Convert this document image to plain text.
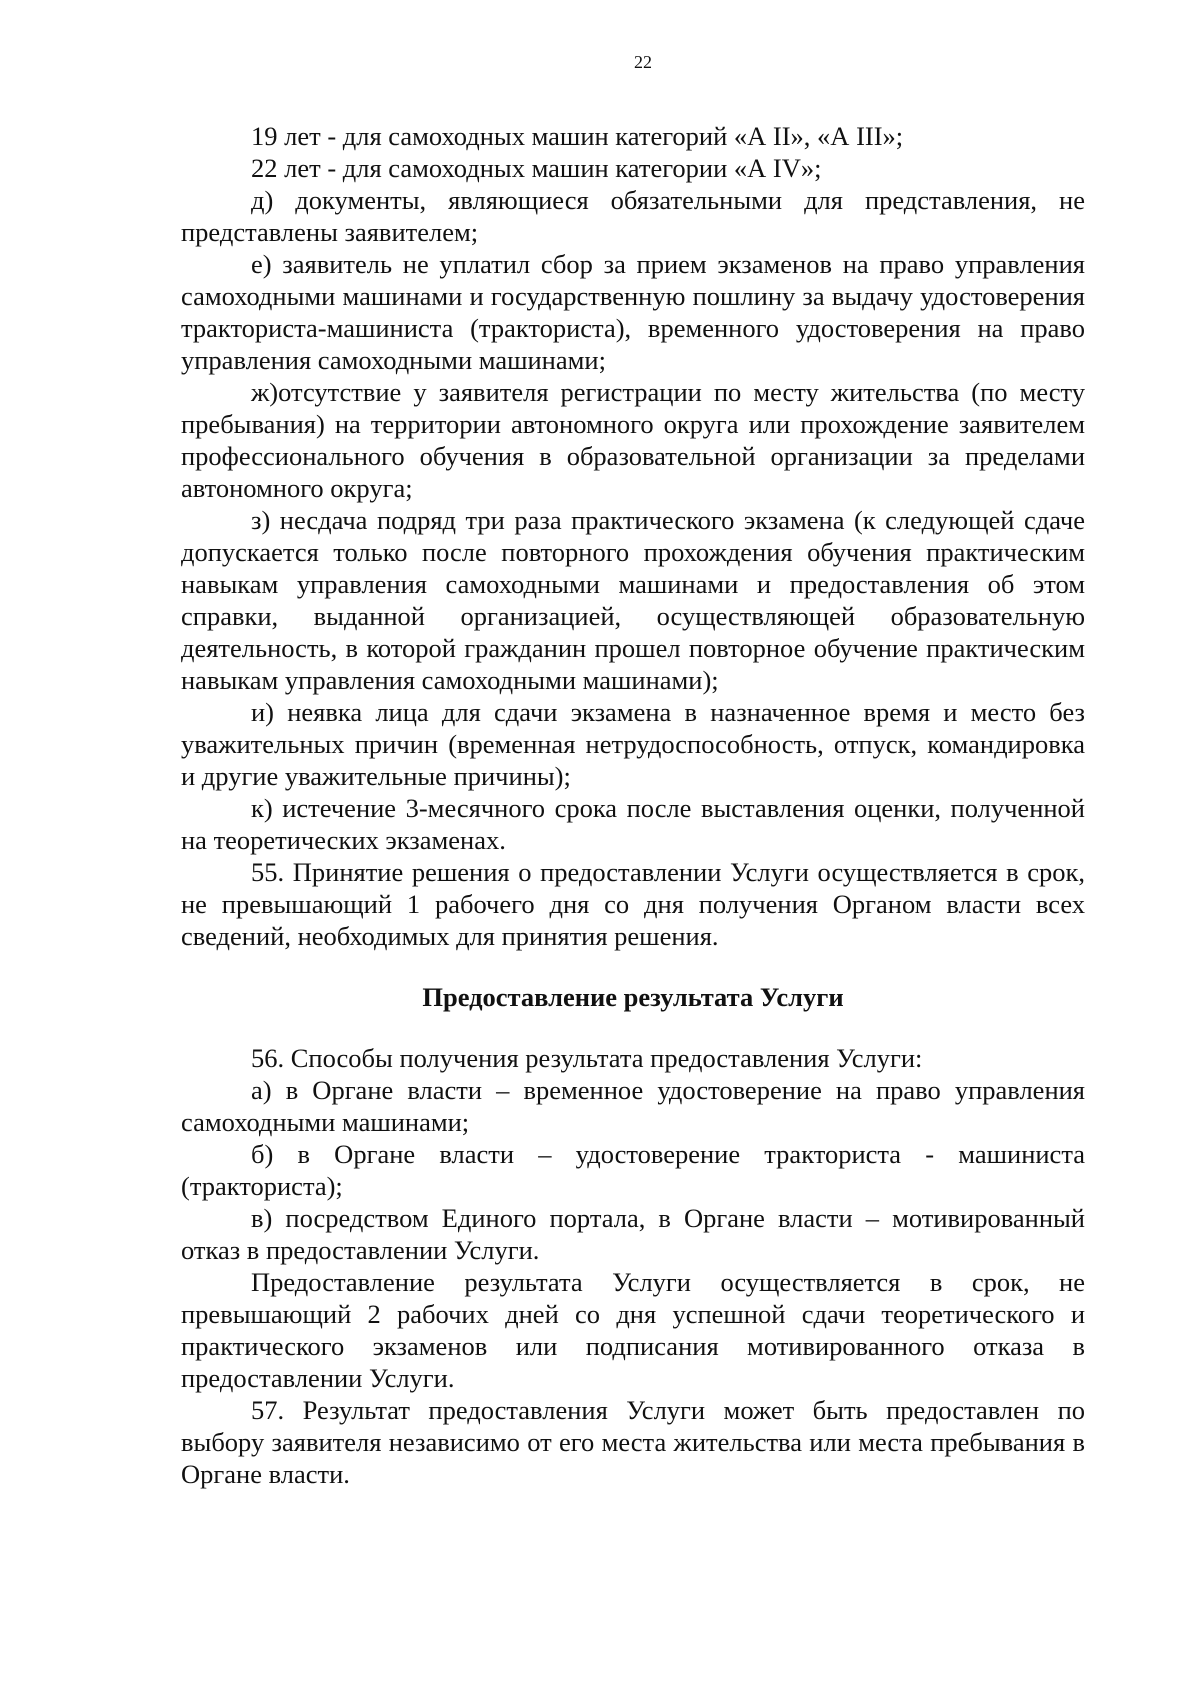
22

19 лет - для самоходных машин категорий «А II», «А III»;

22 лет - для самоходных машин категории «А IV»;

д) документы, являющиеся обязательными для представления, не представлены заявителем;

е) заявитель не уплатил сбор за прием экзаменов на право управления самоходными машинами и государственную пошлину за выдачу удостоверения тракториста-машиниста (тракториста), временного удостоверения на право управления самоходными машинами;

ж)отсутствие у заявителя регистрации по месту жительства (по месту пребывания) на территории автономного округа или прохождение заявителем профессионального обучения в образовательной организации за пределами автономного округа;

з) несдача подряд три раза практического экзамена (к следующей сдаче допускается только после повторного прохождения обучения практическим навыкам управления самоходными машинами и предоставления об этом справки, выданной организацией, осуществляющей образовательную деятельность, в которой гражданин прошел повторное обучение практическим навыкам управления самоходными машинами);

и) неявка лица для сдачи экзамена в назначенное время и место без уважительных причин (временная нетрудоспособность, отпуск, командировка и другие уважительные причины);

к) истечение 3-месячного срока после выставления оценки, полученной на теоретических экзаменах.

55. Принятие решения о предоставлении Услуги осуществляется в срок, не превышающий 1 рабочего дня со дня получения Органом власти всех сведений, необходимых для принятия решения.

Предоставление результата Услуги

56. Способы получения результата предоставления Услуги:

а) в Органе власти – временное удостоверение на право управления самоходными машинами;

б) в Органе власти – удостоверение тракториста - машиниста (тракториста);

в) посредством Единого портала, в Органе власти – мотивированный отказ в предоставлении Услуги.

Предоставление результата Услуги осуществляется в срок, не превышающий 2 рабочих дней со дня успешной сдачи теоретического и практического экзаменов или подписания мотивированного отказа в предоставлении Услуги.

57. Результат предоставления Услуги может быть предоставлен по выбору заявителя независимо от его места жительства или места пребывания в Органе власти.
